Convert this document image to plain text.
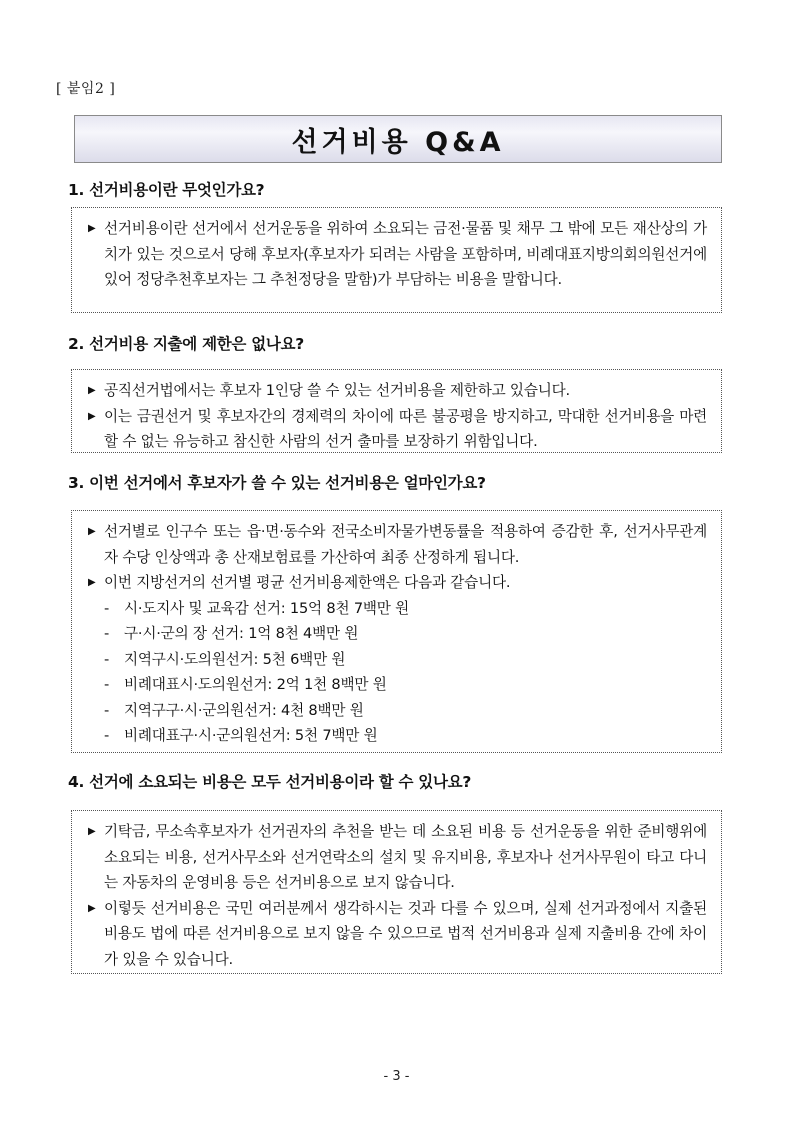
[ 붙임2 ]
선거비용 Q&A
1. 선거비용이란 무엇인가요?
▶ 선거비용이란 선거에서 선거운동을 위하여 소요되는 금전·물품 및 채무 그 밖에 모든 재산상의 가치가 있는 것으로서 당해 후보자(후보자가 되려는 사람을 포함하며, 비례대표지방의회의원선거에 있어 정당추천후보자는 그 추천정당을 말함)가 부담하는 비용을 말합니다.
2. 선거비용 지출에 제한은 없나요?
▶ 공직선거법에서는 후보자 1인당 쓸 수 있는 선거비용을 제한하고 있습니다.
▶ 이는 금권선거 및 후보자간의 경제력의 차이에 따른 불공평을 방지하고, 막대한 선거비용을 마련할 수 없는 유능하고 참신한 사람의 선거 출마를 보장하기 위함입니다.
3. 이번 선거에서 후보자가 쓸 수 있는 선거비용은 얼마인가요?
▶ 선거별로 인구수 또는 읍·면·동수와 전국소비자물가변동률을 적용하여 증감한 후, 선거사무관계자 수당 인상액과 총 산재보험료를 가산하여 최종 산정하게 됩니다.
▶ 이번 지방선거의 선거별 평균 선거비용제한액은 다음과 같습니다.
- 시·도지사 및 교육감 선거: 15억 8천 7백만 원
- 구·시·군의 장 선거: 1억 8천 4백만 원
- 지역구시·도의원선거: 5천 6백만 원
- 비례대표시·도의원선거: 2억 1천 8백만 원
- 지역구구·시·군의원선거: 4천 8백만 원
- 비례대표구·시·군의원선거: 5천 7백만 원
4. 선거에 소요되는 비용은 모두 선거비용이라 할 수 있나요?
▶ 기탁금, 무소속후보자가 선거권자의 추천을 받는 데 소요된 비용 등 선거운동을 위한 준비행위에 소요되는 비용, 선거사무소와 선거연락소의 설치 및 유지비용, 후보자나 선거사무원이 타고 다니는 자동차의 운영비용 등은 선거비용으로 보지 않습니다.
▶ 이렇듯 선거비용은 국민 여러분께서 생각하시는 것과 다를 수 있으며, 실제 선거과정에서 지출된 비용도 법에 따른 선거비용으로 보지 않을 수 있으므로 법적 선거비용과 실제 지출비용 간에 차이가 있을 수 있습니다.
- 3 -
